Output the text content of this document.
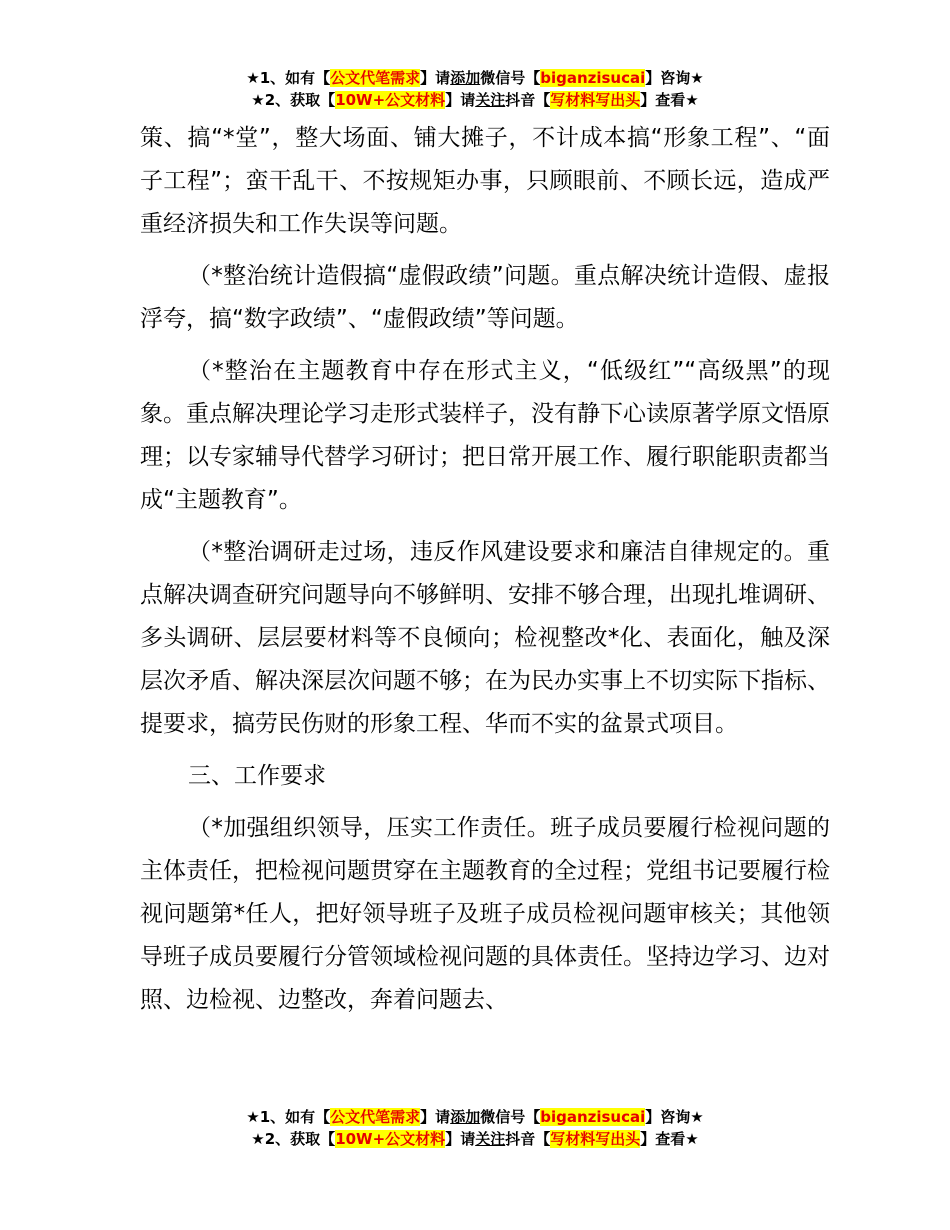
★1、如有【公文代笔需求】请添加微信号【biganzisucai】咨询★
★2、获取【10W+公文材料】请关注抖音【写材料写出头】查看★

策、搞“*堂”，整大场面、铺大摊子，不计成本搞“形象工程”、“面子工程”；蛮干乱干、不按规矩办事，只顾眼前、不顾长远，造成严重经济损失和工作失误等问题。

（*整治统计造假搞“虚假政绩”问题。重点解决统计造假、虚报浮夸，搞“数字政绩”、“虚假政绩”等问题。

（*整治在主题教育中存在形式主义，“低级红”“高级黑”的现象。重点解决理论学习走形式装样子，没有静下心读原著学原文悟原理；以专家辅导代替学习研讨；把日常开展工作、履行职能职责都当成“主题教育”。

（*整治调研走过场，违反作风建设要求和廉洁自律规定的。重点解决调查研究问题导向不够鲜明、安排不够合理，出现扎堆调研、多头调研、层层要材料等不良倾向；检视整改*化、表面化，触及深层次矛盾、解决深层次问题不够；在为民办实事上不切实际下指标、提要求，搞劳民伤财的形象工程、华而不实的盆景式项目。

三、工作要求

（*加强组织领导，压实工作责任。班子成员要履行检视问题的主体责任，把检视问题贯穿在主题教育的全过程；党组书记要履行检视问题第*任人，把好领导班子及班子成员检视问题审核关；其他领导班子成员要履行分管领域检视问题的具体责任。坚持边学习、边对照、边检视、边整改，奔着问题去、

★1、如有【公文代笔需求】请添加微信号【biganzisucai】咨询★
★2、获取【10W+公文材料】请关注抖音【写材料写出头】查看★
